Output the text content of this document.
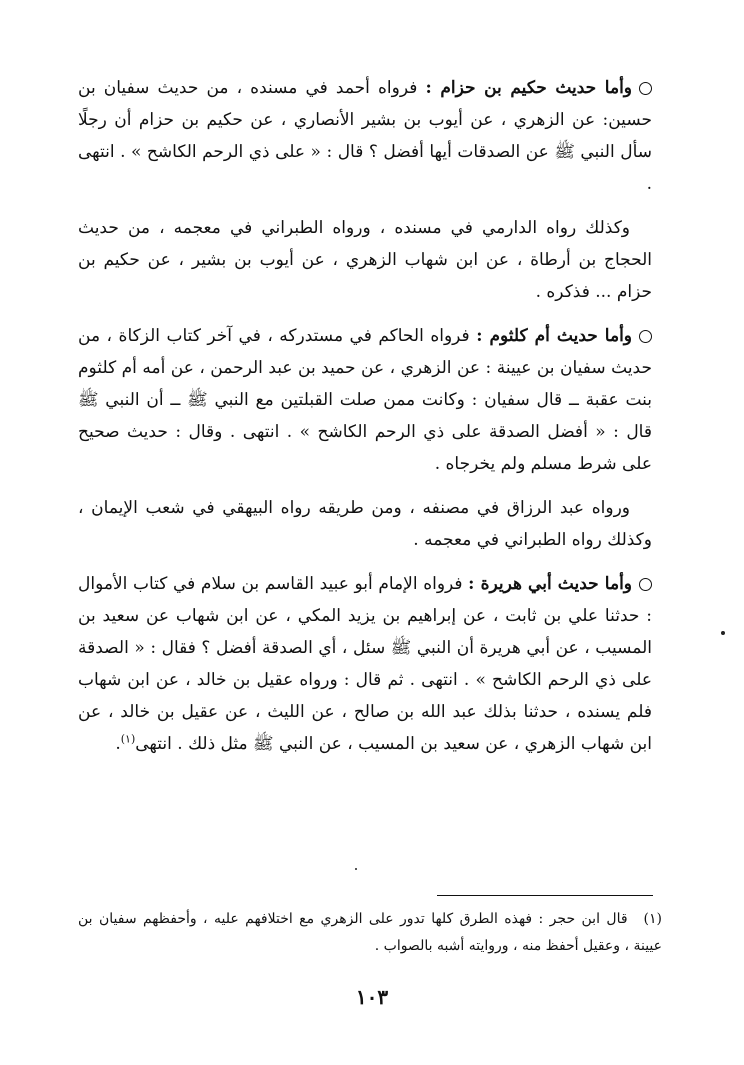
وأما حديث حكيم بن حزام : فرواه أحمد في مسنده ، من حديث سفيان بن حسين: عن الزهري ، عن أيوب بن بشير الأنصاري ، عن حكيم بن حزام أن رجلًا سأل النبي ﷺ عن الصدقات أيها أفضل ؟ قال : « على ذي الرحم الكاشح » . انتهى .

وكذلك رواه الدارمي في مسنده ، ورواه الطبراني في معجمه ، من حديث الحجاج بن أرطاة ، عن ابن شهاب الزهري ، عن أيوب بن بشير ، عن حكيم بن حزام ... فذكره .

وأما حديث أم كلثوم : فرواه الحاكم في مستدركه ، في آخر كتاب الزكاة ، من حديث سفيان بن عيينة : عن الزهري ، عن حميد بن عبد الرحمن ، عن أمه أم كلثوم بنت عقبة ــ قال سفيان : وكانت ممن صلت القبلتين مع النبي ﷺ ــ أن النبي ﷺ قال : « أفضل الصدقة على ذي الرحم الكاشح » . انتهى . وقال : حديث صحيح على شرط مسلم ولم يخرجاه .

ورواه عبد الرزاق في مصنفه ، ومن طريقه رواه البيهقي في شعب الإيمان ، وكذلك رواه الطبراني في معجمه .

وأما حديث أبي هريرة : فرواه الإمام أبو عبيد القاسم بن سلام في كتاب الأموال : حدثنا علي بن ثابت ، عن إبراهيم بن يزيد المكي ، عن ابن شهاب عن سعيد بن المسيب ، عن أبي هريرة أن النبي ﷺ سئل ، أي الصدقة أفضل ؟ فقال : « الصدقة على ذي الرحم الكاشح » . انتهى . ثم قال : ورواه عقيل بن خالد ، عن ابن شهاب فلم يسنده ، حدثنا بذلك عبد الله بن صالح ، عن الليث ، عن عقيل بن خالد ، عن ابن شهاب الزهري ، عن سعيد بن المسيب ، عن النبي ﷺ مثل ذلك . انتهى$^{(١)}$.

(١)قال ابن حجر : فهذه الطرق كلها تدور على الزهري مع اختلافهم عليه ، وأحفظهم سفيان بن عيينة ، وعقيل أحفظ منه ، وروايته أشبه بالصواب .
١٠٣
